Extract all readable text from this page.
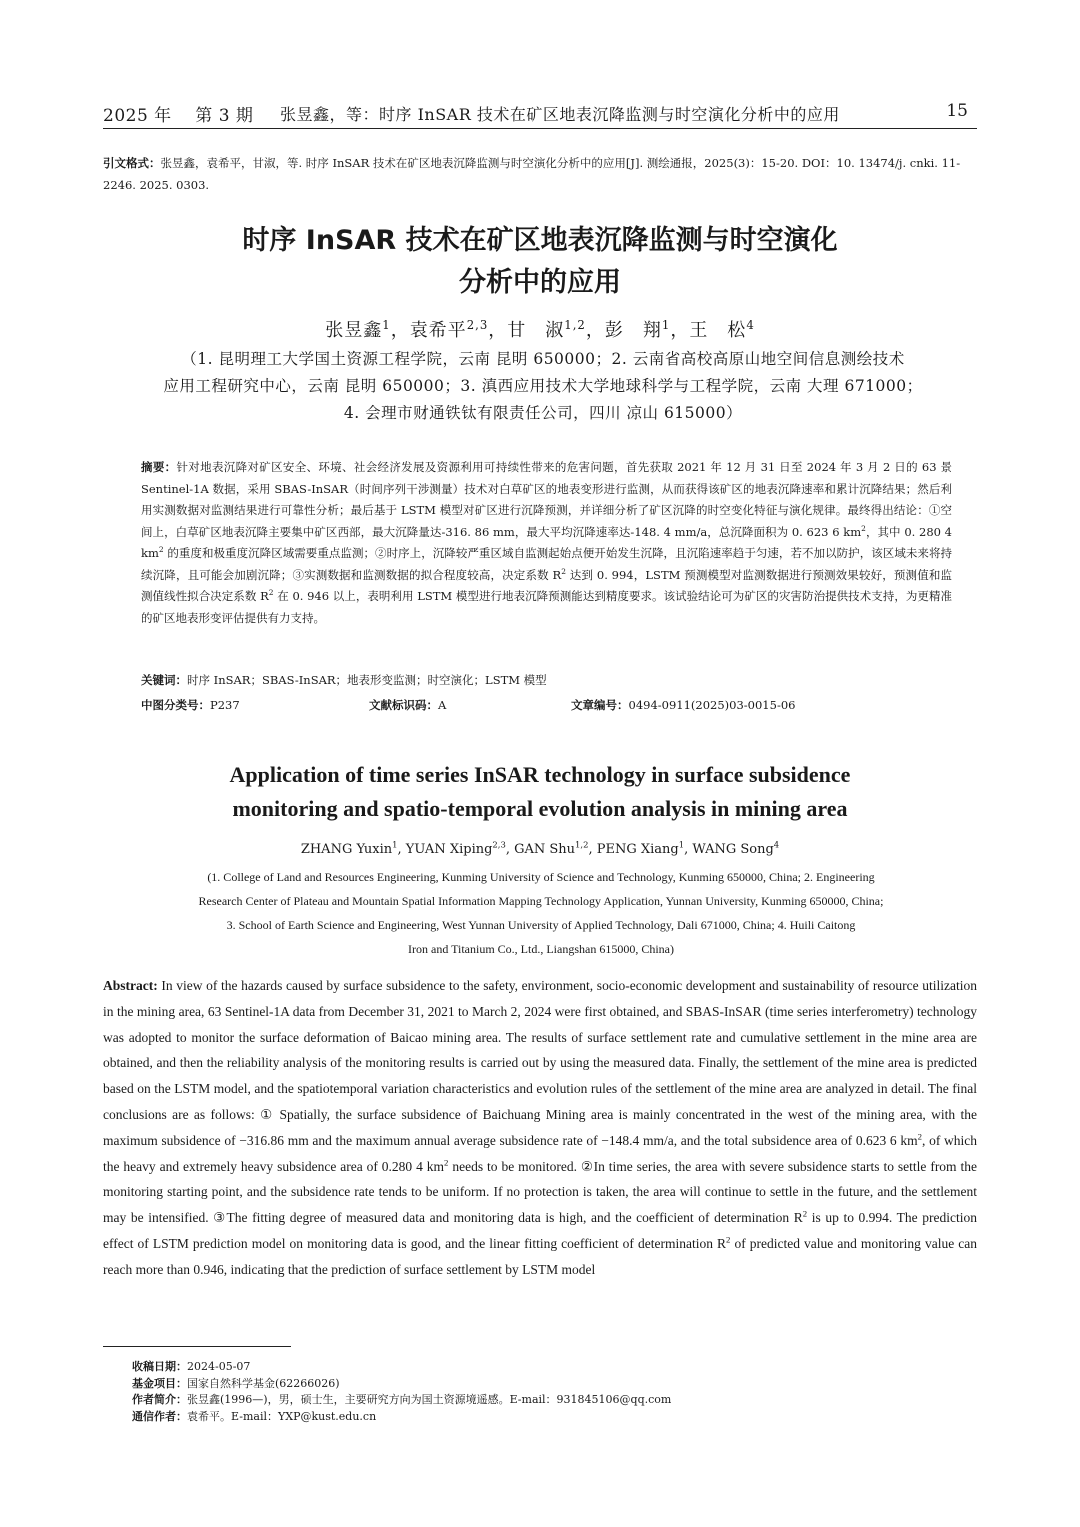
2025 年 第 3 期 张昱鑫，等：时序 InSAR 技术在矿区地表沉降监测与时空演化分析中的应用	15
引文格式：张昱鑫，袁希平，甘淑，等. 时序 InSAR 技术在矿区地表沉降监测与时空演化分析中的应用[J]. 测绘通报，2025(3)：15-20. DOI：10. 13474/j. cnki. 11-2246. 2025. 0303.
时序 InSAR 技术在矿区地表沉降监测与时空演化
分析中的应用
张昱鑫$^1$，袁希平$^{2,3}$，甘　淑$^{1,2}$，彭　翔$^1$，王　松$^4$
（1. 昆明理工大学国土资源工程学院，云南 昆明 650000；2. 云南省高校高原山地空间信息测绘技术
应用工程研究中心，云南 昆明 650000；3. 滇西应用技术大学地球科学与工程学院，云南 大理 671000；
4. 会理市财通铁钛有限责任公司，四川 凉山 615000）
摘要：针对地表沉降对矿区安全、环境、社会经济发展及资源利用可持续性带来的危害问题，首先获取 2021 年 12 月 31 日至 2024 年 3 月 2 日的 63 景 Sentinel-1A 数据，采用 SBAS-InSAR（时间序列干涉测量）技术对白草矿区的地表变形进行监测，从而获得该矿区的地表沉降速率和累计沉降结果；然后利用实测数据对监测结果进行可靠性分析；最后基于 LSTM 模型对矿区进行沉降预测，并详细分析了矿区沉降的时空变化特征与演化规律。最终得出结论：①空间上，白草矿区地表沉降主要集中矿区西部，最大沉降量达-316. 86 mm，最大平均沉降速率达-148. 4 mm/a，总沉降面积为 0. 623 6 $km^2$，其中 0. 280 4 $km^2$ 的重度和极重度沉降区域需要重点监测；②时序上，沉降较严重区域自监测起始点便开始发生沉降，且沉陷速率趋于匀速，若不加以防护，该区域未来将持续沉降，且可能会加剧沉降；③实测数据和监测数据的拟合程度较高，决定系数 $R^2$ 达到 0. 994，LSTM 预测模型对监测数据进行预测效果较好，预测值和监测值线性拟合决定系数 $R^2$ 在 0. 946 以上，表明利用 LSTM 模型进行地表沉降预测能达到精度要求。该试验结论可为矿区的灾害防治提供技术支持，为更精准的矿区地表形变评估提供有力支持。
关键词：时序 InSAR；SBAS-InSAR；地表形变监测；时空演化；LSTM 模型
中图分类号：P237	文献标识码：A	文章编号：0494-0911(2025)03-0015-06
Application of time series InSAR technology in surface subsidence
monitoring and spatio-temporal evolution analysis in mining area
ZHANG Yuxin$^1$, YUAN Xiping$^{2,3}$, GAN Shu$^{1,2}$, PENG Xiang$^1$, WANG Song$^4$
(1. College of Land and Resources Engineering, Kunming University of Science and Technology, Kunming 650000, China; 2. Engineering
Research Center of Plateau and Mountain Spatial Information Mapping Technology Application, Yunnan University, Kunming 650000, China;
3. School of Earth Science and Engineering, West Yunnan University of Applied Technology, Dali 671000, China; 4. Huili Caitong
Iron and Titanium Co., Ltd., Liangshan 615000, China)
Abstract: In view of the hazards caused by surface subsidence to the safety, environment, socio-economic development and sustainability of resource utilization in the mining area, 63 Sentinel-1A data from December 31, 2021 to March 2, 2024 were first obtained, and SBAS-InSAR (time series interferometry) technology was adopted to monitor the surface deformation of Baicao mining area. The results of surface settlement rate and cumulative settlement in the mine area are obtained, and then the reliability analysis of the monitoring results is carried out by using the measured data. Finally, the settlement of the mine area is predicted based on the LSTM model, and the spatiotemporal variation characteristics and evolution rules of the settlement of the mine area are analyzed in detail. The final conclusions are as follows: ① Spatially, the surface subsidence of Baichuang Mining area is mainly concentrated in the west of the mining area, with the maximum subsidence of −316.86 mm and the maximum annual average subsidence rate of −148.4 mm/a, and the total subsidence area of 0.623 6 $km^2$, of which the heavy and extremely heavy subsidence area of 0.280 4 $km^2$ needs to be monitored. ②In time series, the area with severe subsidence starts to settle from the monitoring starting point, and the subsidence rate tends to be uniform. If no protection is taken, the area will continue to settle in the future, and the settlement may be intensified. ③The fitting degree of measured data and monitoring data is high, and the coefficient of determination $R^2$ is up to 0.994. The prediction effect of LSTM prediction model on monitoring data is good, and the linear fitting coefficient of determination $R^2$ of predicted value and monitoring value can reach more than 0.946, indicating that the prediction of surface settlement by LSTM model
收稿日期：2024-05-07
基金项目：国家自然科学基金(62266026)
作者简介：张昱鑫(1996—)，男，硕士生，主要研究方向为国土资源境遥感。E-mail：931845106@qq.com
通信作者：袁希平。E-mail：YXP@kust.edu.cn
